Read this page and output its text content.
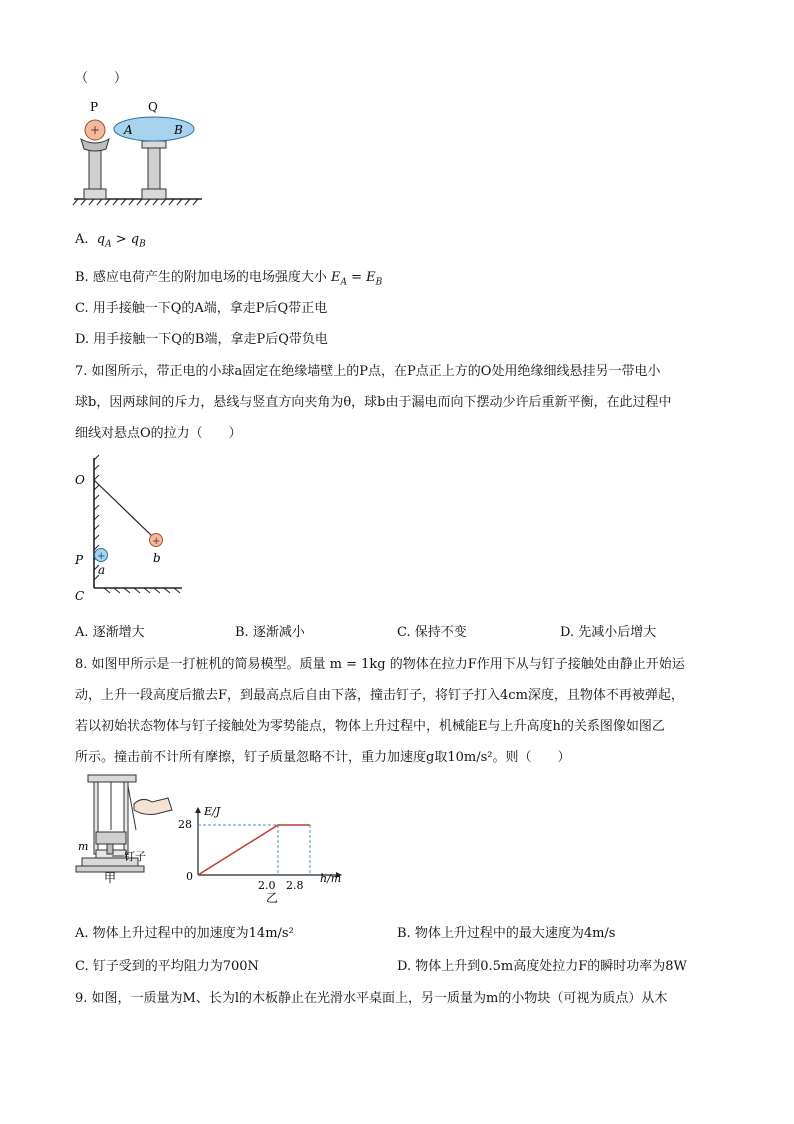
（　　）
+
P	Q
A	B
A. $q_A > q_B$
B. 感应电荷产生的附加电场的电场强度大小 $E_A = E_B$
C. 用手接触一下Q的A端，拿走P后Q带正电
D. 用手接触一下Q的B端，拿走P后Q带负电
7. 如图所示，带正电的小球a固定在绝缘墙壁上的P点，在P点正上方的O处用绝缘细线悬挂另一带电小
球b，因两球间的斥力，悬线与竖直方向夹角为θ，球b由于漏电而向下摆动少许后重新平衡，在此过程中
细线对悬点O的拉力（　　）
+
+
O
P
a
b
C
A. 逐渐增大	B. 逐渐减小	C. 保持不变	D. 先减小后增大
8. 如图甲所示是一打桩机的简易模型。质量 m = 1kg 的物体在拉力F作用下从与钉子接触处由静止开始运
动，上升一段高度后撤去F，到最高点后自由下落，撞击钉子，将钉子打入4cm深度，且物体不再被弹起，
若以初始状态物体与钉子接触处为零势能点，物体上升过程中，机械能E与上升高度h的关系图像如图乙
所示。撞击前不计所有摩擦，钉子质量忽略不计，重力加速度g取10m/s²。则（　　）
m
钉子
甲
E/J
h/m
0
28
2.0 2.8
乙
A. 物体上升过程中的加速度为14m/s²	B. 物体上升过程中的最大速度为4m/s
C. 钉子受到的平均阻力为700N	D. 物体上升到0.5m高度处拉力F的瞬时功率为8W
9. 如图，一质量为M、长为l的木板静止在光滑水平桌面上，另一质量为m的小物块（可视为质点）从木
